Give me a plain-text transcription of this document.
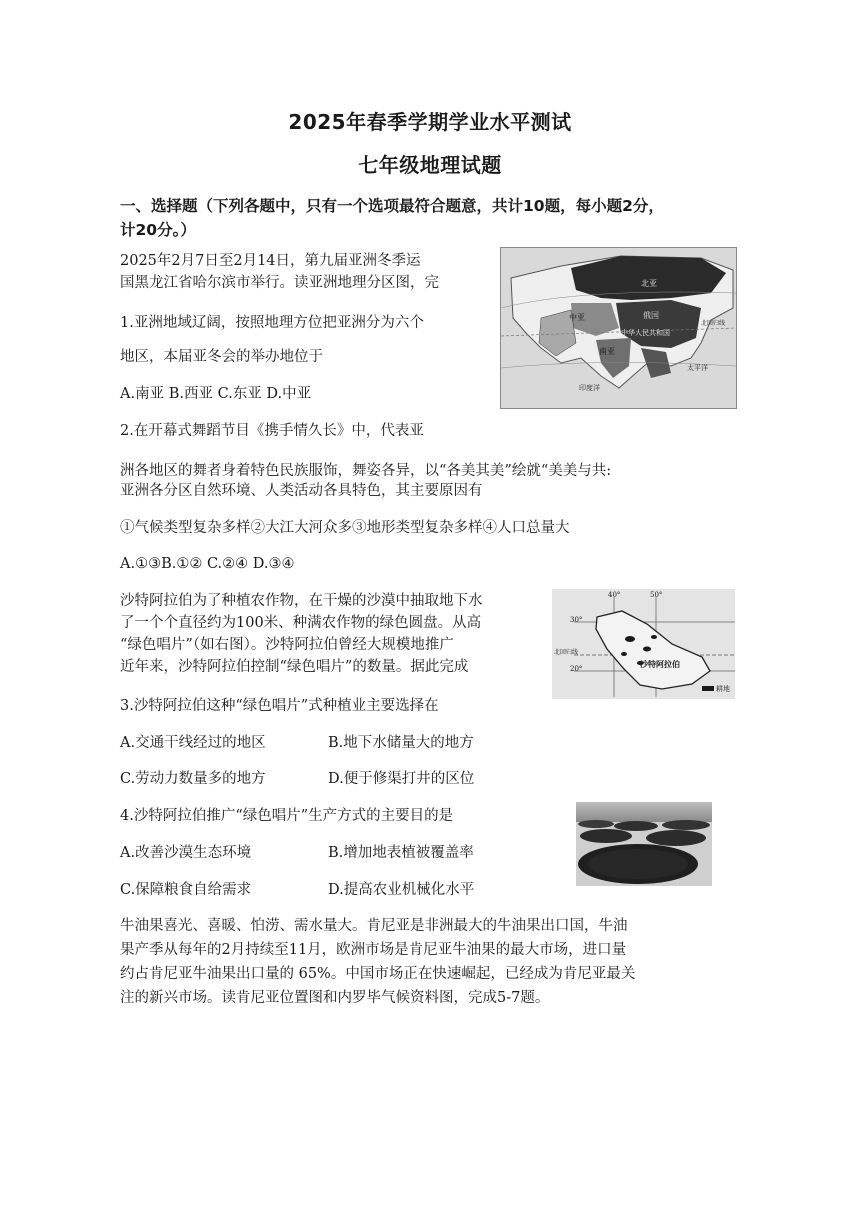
2025年春季学期学业水平测试
七年级地理试题
一、选择题（下列各题中，只有一个选项最符合题意，共计10题，每小题2分，
计20分。）
2025年2月7日至2月14日，第九届亚洲冬季运
国黑龙江省哈尔滨市举行。读亚洲地理分区图，完	北亚
中亚	俄国
中华人民共和国
南亚
太平洋
印度洋
北回归线
1.亚洲地域辽阔，按照地理方位把亚洲分为六个
地区，本届亚冬会的举办地位于
A.南亚 B.西亚 C.东亚 D.中亚
2.在开幕式舞蹈节目《携手情久长》中，代表亚
洲各地区的舞者身着特色民族服饰，舞姿各异，以“各美其美”绘就“美美与共:
亚洲各分区自然环境、人类活动各具特色，其主要原因有
①气候类型复杂多样②大江大河众多③地形类型复杂多样④人口总量大
A.①③B.①② C.②④ D.③④
沙特阿拉伯为了种植农作物，在干燥的沙漠中抽取地下水
了一个个直径约为100米、种满农作物的绿色圆盘。从高
“绿色唱片”（如右图）。沙特阿拉伯曾经大规模地推广
近年来，沙特阿拉伯控制“绿色唱片”的数量。据此完成
40°	50°
30°
北回归线
20°	沙特阿拉伯
耕地
3.沙特阿拉伯这种“绿色唱片”式种植业主要选择在
A.交通干线经过的地区	B.地下水储量大的地方
C.劳动力数量多的地方	D.便于修渠打井的区位
4.沙特阿拉伯推广“绿色唱片”生产方式的主要目的是
A.改善沙漠生态环境	B.增加地表植被覆盖率
C.保障粮食自给需求	D.提高农业机械化水平
牛油果喜光、喜暖、怕涝、需水量大。肯尼亚是非洲最大的牛油果出口国，牛油
果产季从每年的2月持续至11月，欧洲市场是肯尼亚牛油果的最大市场，进口量
约占肯尼亚牛油果出口量的 65%。中国市场正在快速崛起，已经成为肯尼亚最关
注的新兴市场。读肯尼亚位置图和内罗毕气候资料图，完成5-7题。
